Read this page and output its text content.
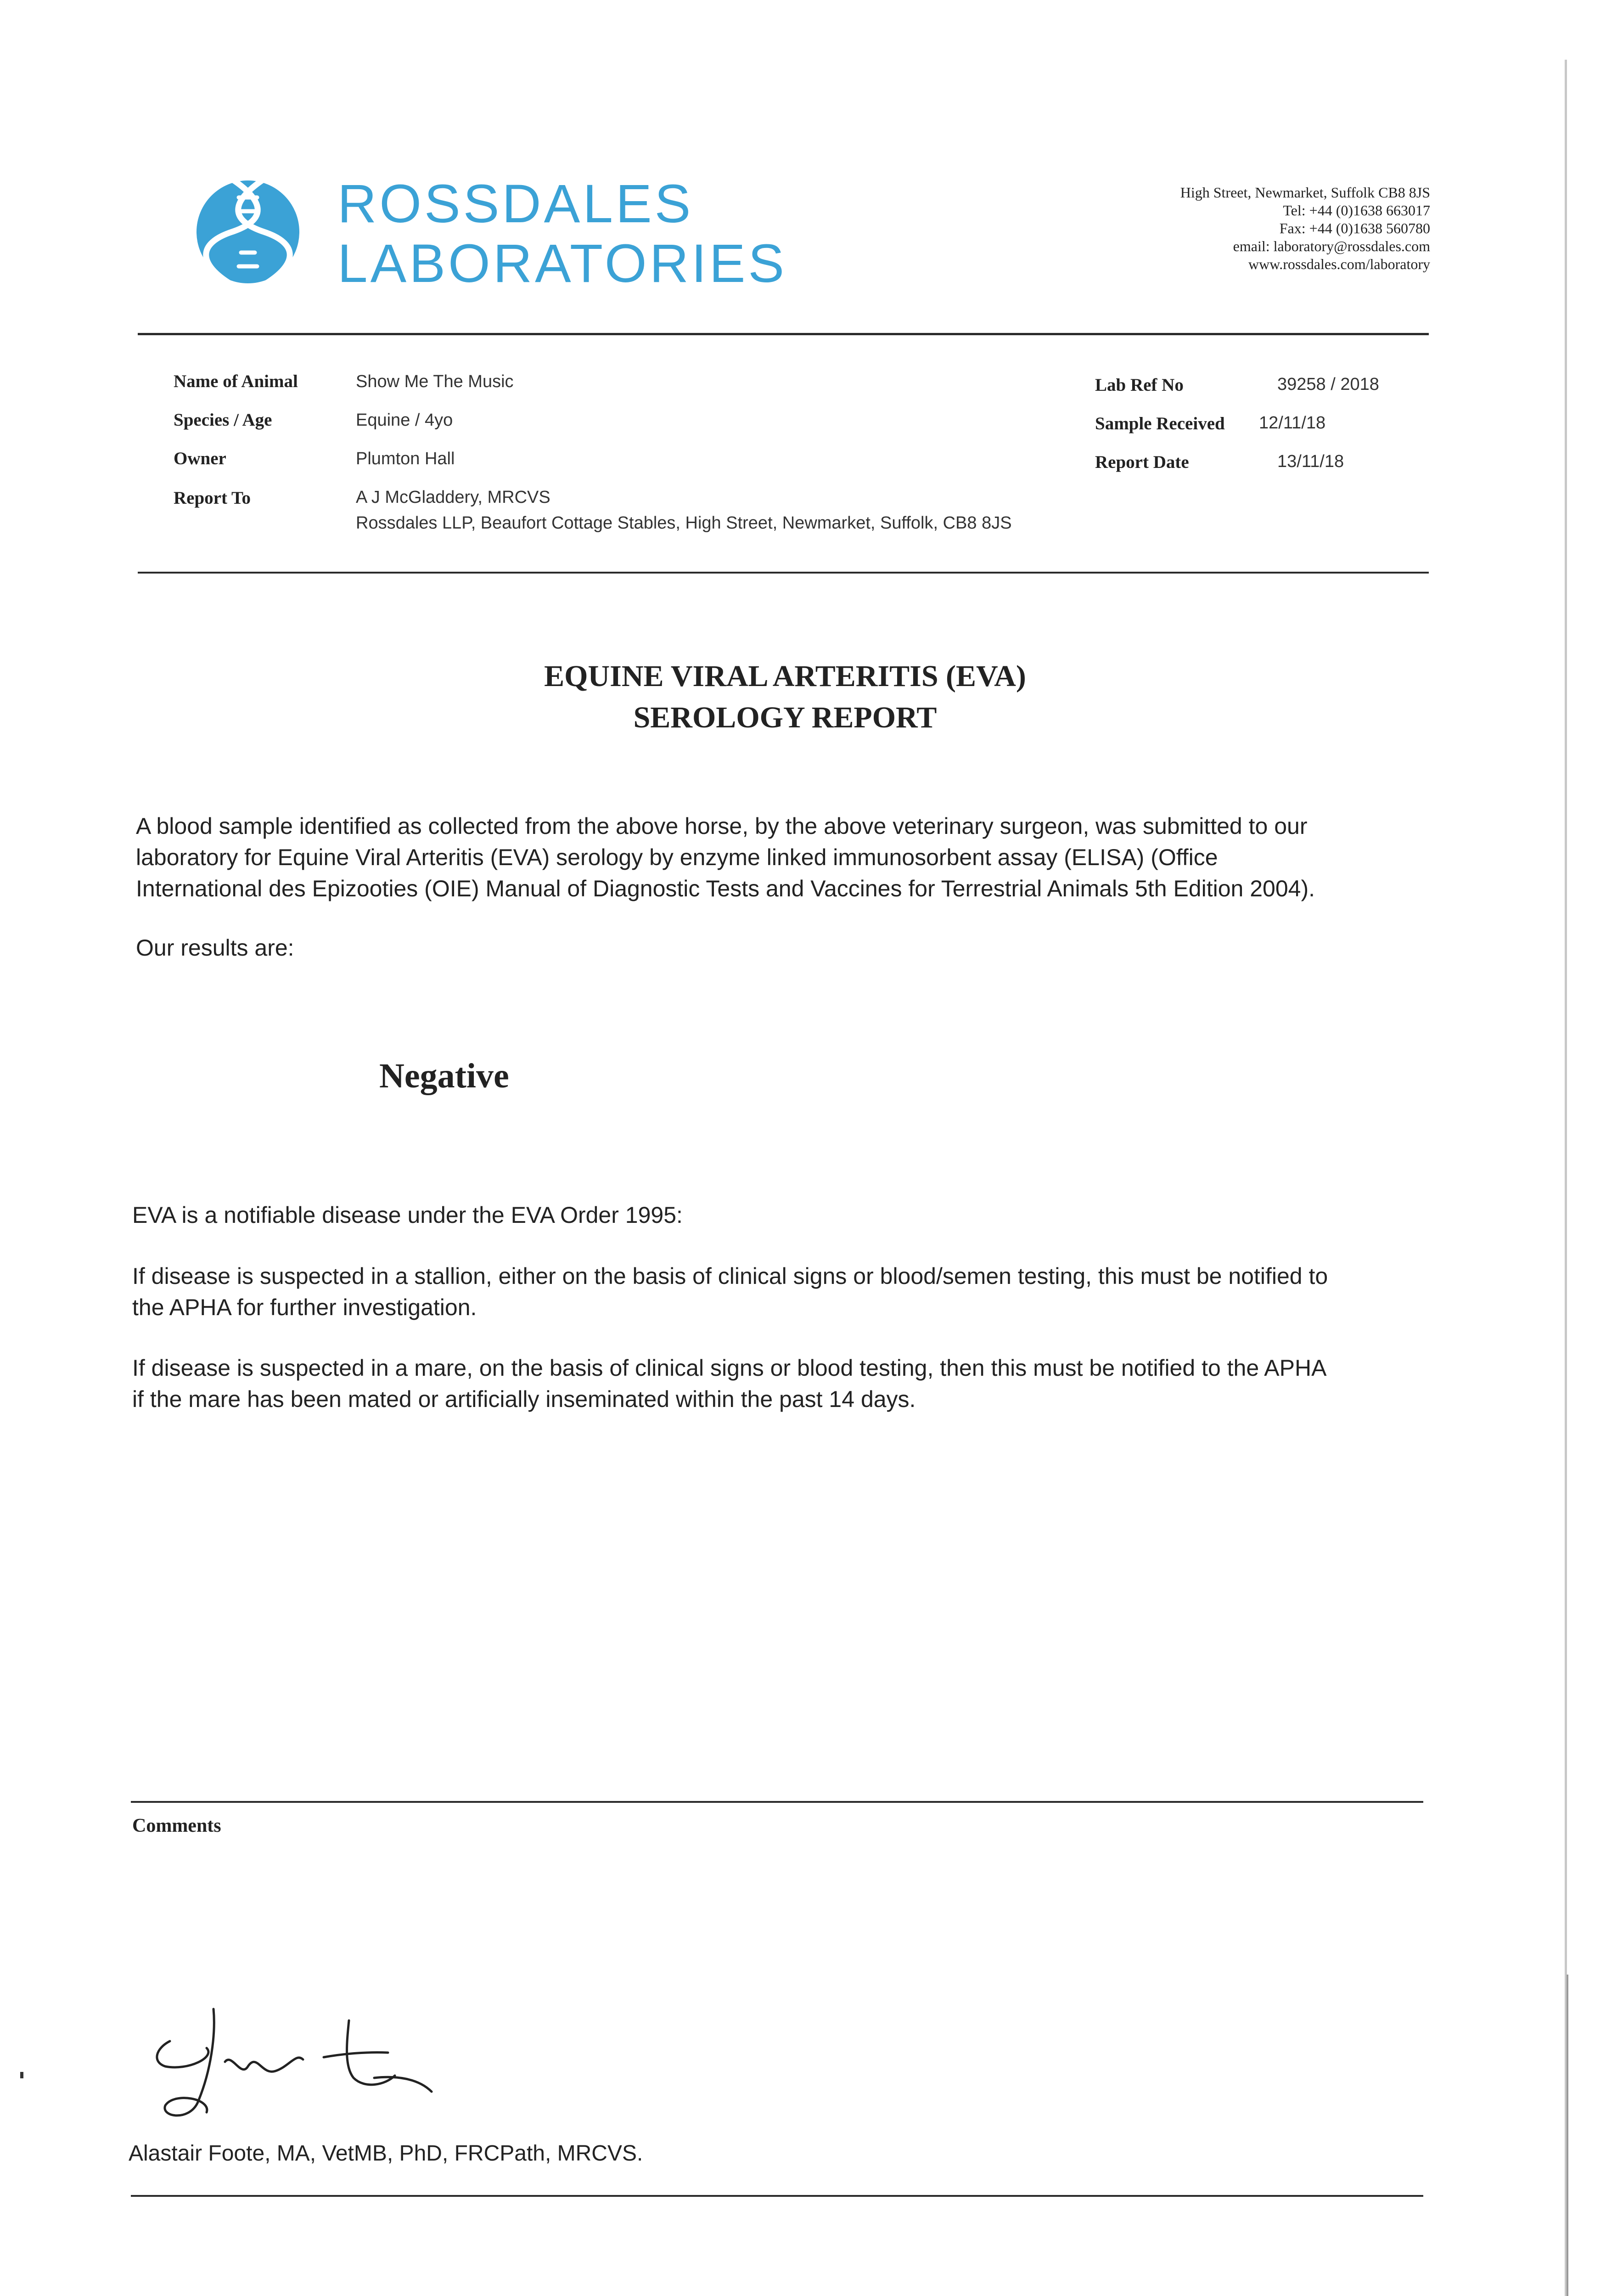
ROSSDALES
LABORATORIES
High Street, Newmarket, Suffolk CB8 8JS
Tel: +44 (0)1638 663017
Fax: +44 (0)1638 560780
email: laboratory@rossdales.com
www.rossdales.com/laboratory
Name of Animal	Show Me The Music
Species / Age	Equine / 4yo
Owner	Plumton Hall
Report To	A J McGladdery, MRCVS
Rossdales LLP, Beaufort Cottage Stables, High Street, Newmarket, Suffolk, CB8 8JS
Lab Ref No	39258 / 2018
Sample Received 12/11/18
Report Date	13/11/18
EQUINE VIRAL ARTERITIS (EVA)
SEROLOGY REPORT
A blood sample identified as collected from the above horse, by the above veterinary surgeon, was submitted to our
laboratory for Equine Viral Arteritis (EVA) serology by enzyme linked immunosorbent assay (ELISA) (Office
International des Epizooties (OIE) Manual of Diagnostic Tests and Vaccines for Terrestrial Animals 5th Edition 2004).
Our results are:
Negative
EVA is a notifiable disease under the EVA Order 1995:
If disease is suspected in a stallion, either on the basis of clinical signs or blood/semen testing, this must be notified to
the APHA for further investigation.
If disease is suspected in a mare, on the basis of clinical signs or blood testing, then this must be notified to the APHA
if the mare has been mated or artificially inseminated within the past 14 days.
Comments
Alastair Foote, MA, VetMB, PhD, FRCPath, MRCVS.
